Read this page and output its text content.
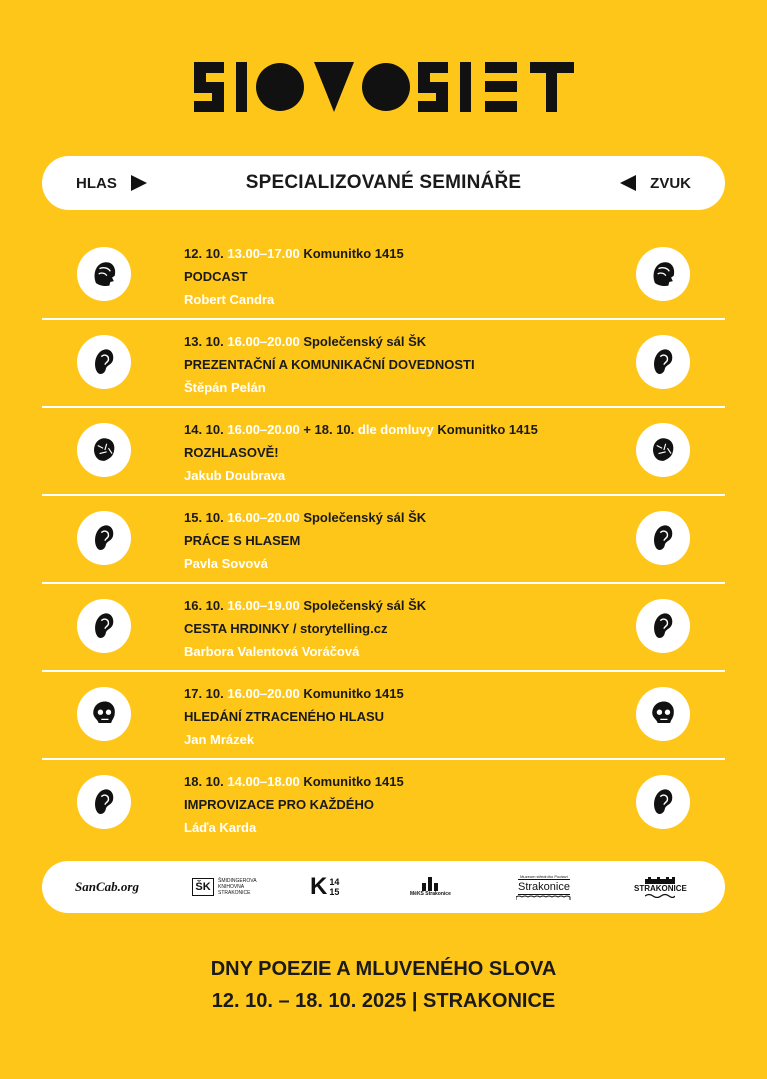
HLAS	SPECIALIZOVANÉ SEMINÁŘE	ZVUK
12. 10. 13.00–17.00 Komunitko 1415
PODCAST
Robert Candra
13. 10. 16.00–20.00 Společenský sál ŠK
PREZENTAČNÍ A KOMUNIKAČNÍ DOVEDNOSTI
Štěpán Pelán
14. 10. 16.00–20.00 + 18. 10. dle domluvy Komunitko 1415
ROZHLASOVĚ!
Jakub Doubrava
15. 10. 16.00–20.00 Společenský sál ŠK
PRÁCE S HLASEM
Pavla Sovová
16. 10. 16.00–19.00 Společenský sál ŠK
CESTA HRDINKY / storytelling.cz
Barbora Valentová Voráčová
17. 10. 16.00–20.00 Komunitko 1415
HLEDÁNÍ ZTRACENÉHO HLASU
Jan Mrázek
18. 10. 14.00–18.00 Komunitko 1415
IMPROVIZACE PRO KAŽDÉHO
Láďa Karda
SanCab.org	ŠK	ŠMIDINGEROVA KNIHOVNA STRAKONICE K 14
15	MěKS Strakonice
Muzeum středního Pootaví
Strakonice	STRAKONICE
DNY POEZIE A MLUVENÉHO SLOVA
12. 10. – 18. 10. 2025 | STRAKONICE
